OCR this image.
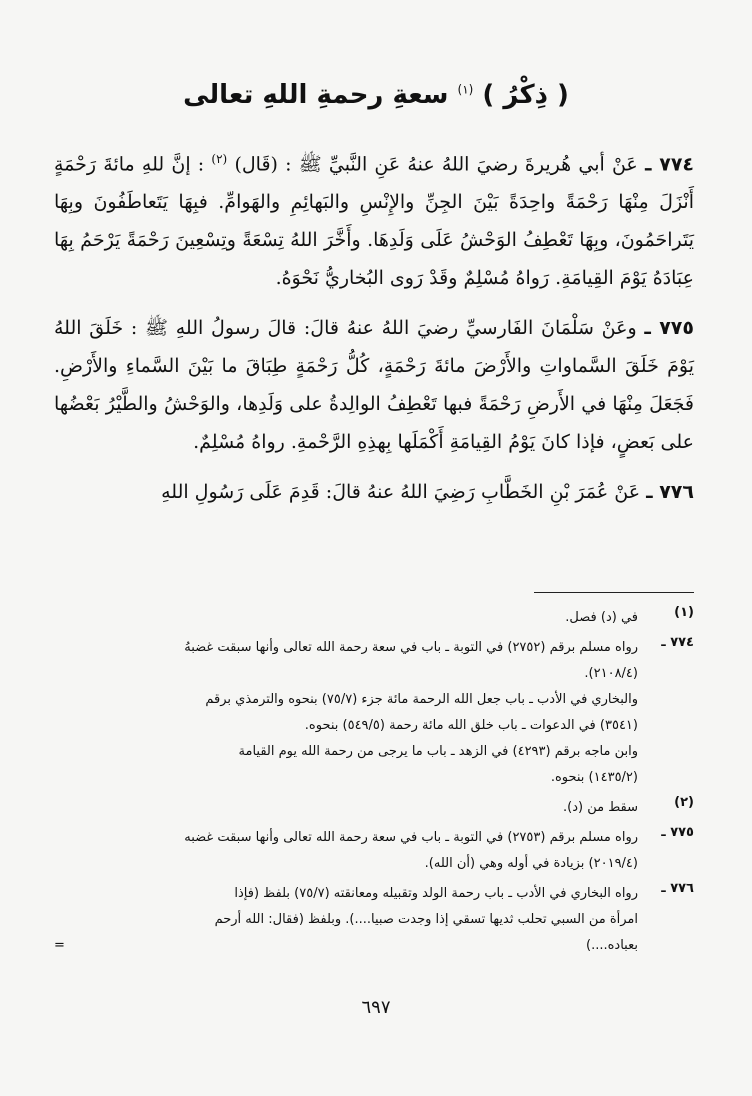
( ذِكْرُ ) $^{(١)}$ سعةِ رحمةِ اللهِ تعالى

٧٧٤ ـ عَنْ أبي هُريرةَ رضيَ اللهُ عنهُ عَنِ النَّبيِّ ﷺ : (قَال) $^{(٢)}$ : إنَّ للهِ مائةَ رَحْمَةٍ أَنْزَلَ مِنْهَا رَحْمَةً واحِدَةً بَيْنَ الجِنِّ والإِنْسِ والبَهائِمِ والهَوامِّ. فبِهَا يَتَعاطَفُونَ وبِهَا يَتَراحَمُونَ، وبِهَا تَعْطِفُ الوَحْشُ عَلَى وَلَدِهَا. وأَخَّرَ اللهُ تِسْعَةً وتِسْعِينَ رَحْمَةً يَرْحَمُ بِهَا عِبَادَهُ يَوْمَ القِيامَةِ. رَواهُ مُسْلِمٌ وقَدْ رَوى البُخاريُّ نَحْوَهُ.

٧٧٥ ـ وعَنْ سَلْمَانَ الفَارسيِّ رضيَ اللهُ عنهُ قالَ: قالَ رسولُ اللهِ ﷺ : خَلَقَ اللهُ يَوْمَ خَلَقَ السَّماواتِ والأَرْضَ مائةَ رَحْمَةٍ، كُلُّ رَحْمَةٍ طِبَاقَ ما بَيْنَ السَّماءِ والأَرْضِ. فَجَعَلَ مِنْهَا في الأَرضِ رَحْمَةً فبها تَعْطِفُ الوالِدةُ على وَلَدِها، والوَحْشُ والطَّيْرُ بَعْضُها على بَعضٍ، فإذا كانَ يَوْمُ القِيامَةِ أَكْمَلَها بِهذِهِ الرَّحْمةِ. رواهُ مُسْلِمٌ.

٧٧٦ ـ عَنْ عُمَرَ بْنِ الخَطَّابِ رَضِيَ اللهُ عنهُ قالَ: قَدِمَ عَلَى رَسُولِ اللهِ

(١)
في (د) فصل.
٧٧٤ ـ
رواه مسلم برقم (٢٧٥٢) في التوبة ـ باب في سعة رحمة الله تعالى وأنها سبقت غضبهُ
(٢١٠٨/٤).
والبخاري في الأدب ـ باب جعل الله الرحمة مائة جزء (٧٥/٧) بنحوه والترمذي برقم
(٣٥٤١) في الدعوات ـ باب خلق الله مائة رحمة (٥٤٩/٥) بنحوه.
وابن ماجه برقم (٤٢٩٣) في الزهد ـ باب ما يرجى من رحمة الله يوم القيامة
(١٤٣٥/٢) بنحوه.
(٢)
سقط من (د).
٧٧٥ ـ
رواه مسلم برقم (٢٧٥٣) في التوبة ـ باب في سعة رحمة الله تعالى وأنها سبقت غضبه
(٢٠١٩/٤) بزيادة في أوله وهي (أن الله).
٧٧٦ ـ
رواه البخاري في الأدب ـ باب رحمة الولد وتقبيله ومعانقته (٧٥/٧) بلفظ (فإذا
امرأة من السبي تحلب ثديها تسقي إذا وجدت صبيا....). وبلفظ (فقال: الله أرحم
بعباده....)
=
٦٩٧
